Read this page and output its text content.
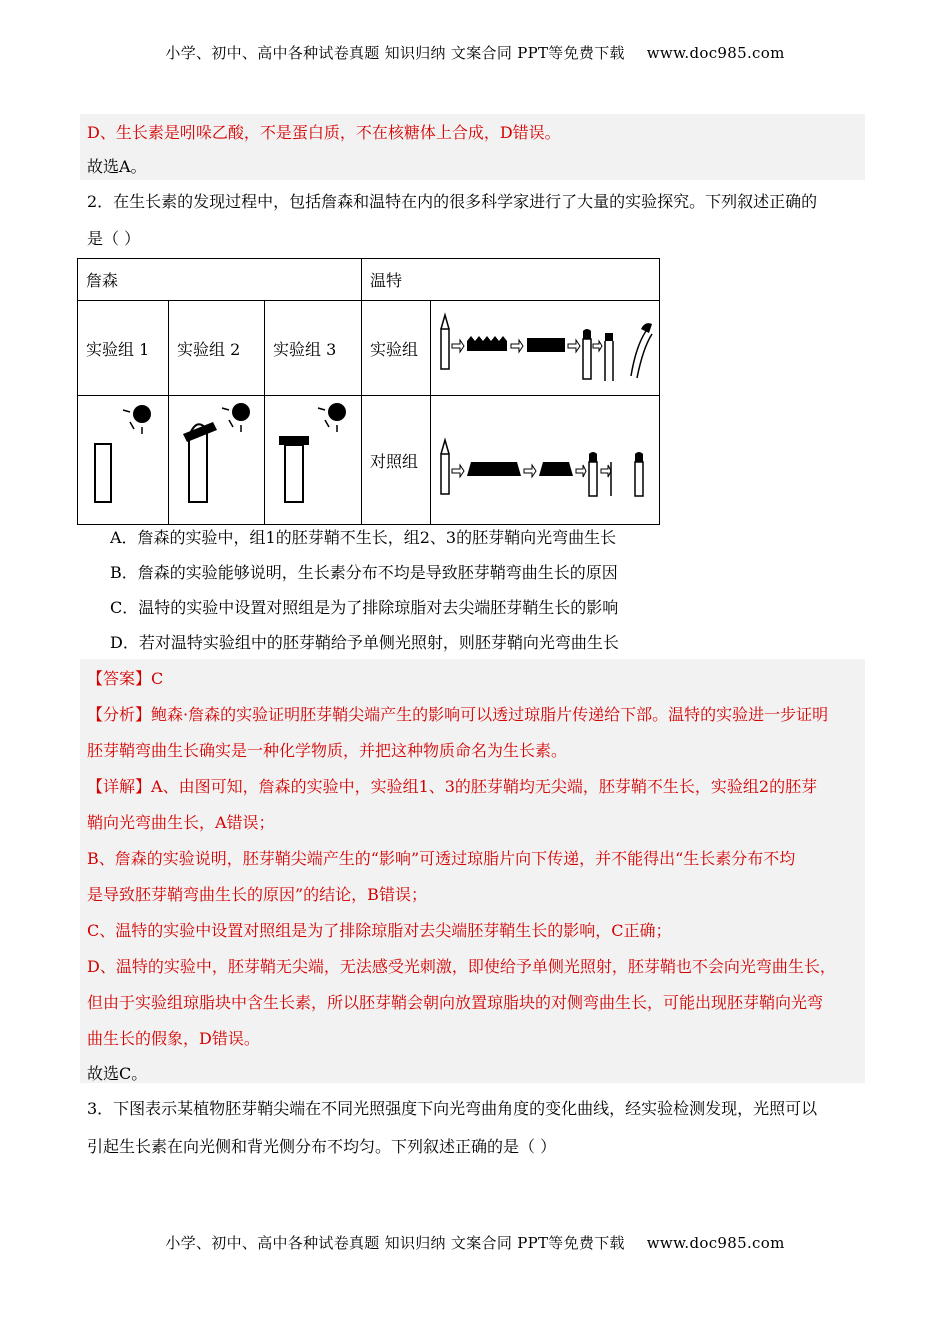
小学、初中、高中各种试卷真题 知识归纳 文案合同 PPT等免费下载 www.doc985.com
D、生长素是吲哚乙酸，不是蛋白质，不在核糖体上合成，D错误。
故选A。
2．在生长素的发现过程中，包括詹森和温特在内的很多科学家进行了大量的实验探究。下列叙述正确的
是（ ）
詹森			温特	
实验组 1	实验组 2	实验组 3	实验组	
			对照组	
A．詹森的实验中，组1的胚芽鞘不生长，组2、3的胚芽鞘向光弯曲生长
B．詹森的实验能够说明，生长素分布不均是导致胚芽鞘弯曲生长的原因
C．温特的实验中设置对照组是为了排除琼脂对去尖端胚芽鞘生长的影响
D．若对温特实验组中的胚芽鞘给予单侧光照射，则胚芽鞘向光弯曲生长
【答案】C
【分析】鲍森·詹森的实验证明胚芽鞘尖端产生的影响可以透过琼脂片传递给下部。温特的实验进一步证明
胚芽鞘弯曲生长确实是一种化学物质，并把这种物质命名为生长素。
【详解】A、由图可知，詹森的实验中，实验组1、3的胚芽鞘均无尖端，胚芽鞘不生长，实验组2的胚芽
鞘向光弯曲生长，A错误；
B、詹森的实验说明，胚芽鞘尖端产生的“影响”可透过琼脂片向下传递，并不能得出“生长素分布不均
是导致胚芽鞘弯曲生长的原因”的结论，B错误；
C、温特的实验中设置对照组是为了排除琼脂对去尖端胚芽鞘生长的影响，C正确；
D、温特的实验中，胚芽鞘无尖端，无法感受光刺激，即使给予单侧光照射，胚芽鞘也不会向光弯曲生长，
但由于实验组琼脂块中含生长素，所以胚芽鞘会朝向放置琼脂块的对侧弯曲生长，可能出现胚芽鞘向光弯
曲生长的假象，D错误。
故选C。
3．下图表示某植物胚芽鞘尖端在不同光照强度下向光弯曲角度的变化曲线，经实验检测发现，光照可以
引起生长素在向光侧和背光侧分布不均匀。下列叙述正确的是（ ）
小学、初中、高中各种试卷真题 知识归纳 文案合同 PPT等免费下载 www.doc985.com
